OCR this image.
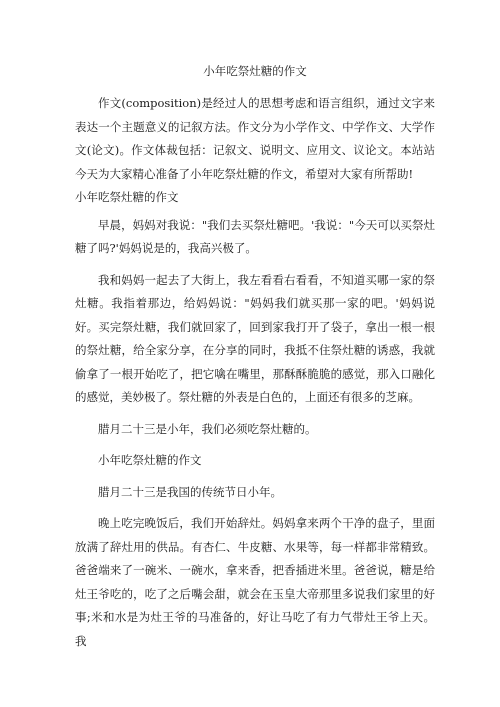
小年吃祭灶糖的作文

作文(composition)是经过人的思想考虑和语言组织，通过文字来表达一个主题意义的记叙方法。作文分为小学作文、中学作文、大学作文(论文)。作文体裁包括：记叙文、说明文、应用文、议论文。本站站今天为大家精心准备了小年吃祭灶糖的作文，希望对大家有所帮助!

小年吃祭灶糖的作文

早晨，妈妈对我说："我们去买祭灶糖吧。'我说："今天可以买祭灶糖了吗?'妈妈说是的，我高兴极了。

我和妈妈一起去了大街上，我左看看右看看，不知道买哪一家的祭灶糖。我指着那边，给妈妈说："妈妈我们就买那一家的吧。'妈妈说好。买完祭灶糖，我们就回家了，回到家我打开了袋子，拿出一根一根的祭灶糖，给全家分享，在分享的同时，我抵不住祭灶糖的诱惑，我就偷拿了一根开始吃了，把它噙在嘴里，那酥酥脆脆的感觉，那入口融化的感觉，美妙极了。祭灶糖的外表是白色的，上面还有很多的芝麻。

腊月二十三是小年，我们必须吃祭灶糖的。

小年吃祭灶糖的作文

腊月二十三是我国的传统节日小年。

晚上吃完晚饭后，我们开始辞灶。妈妈拿来两个干净的盘子，里面放满了辞灶用的供品。有杏仁、牛皮糖、水果等，每一样都非常精致。爸爸端来了一碗米、一碗水，拿来香，把香插进米里。爸爸说，糖是给灶王爷吃的，吃了之后嘴会甜，就会在玉皇大帝那里多说我们家里的好事;米和水是为灶王爷的马准备的，好让马吃了有力气带灶王爷上天。我
